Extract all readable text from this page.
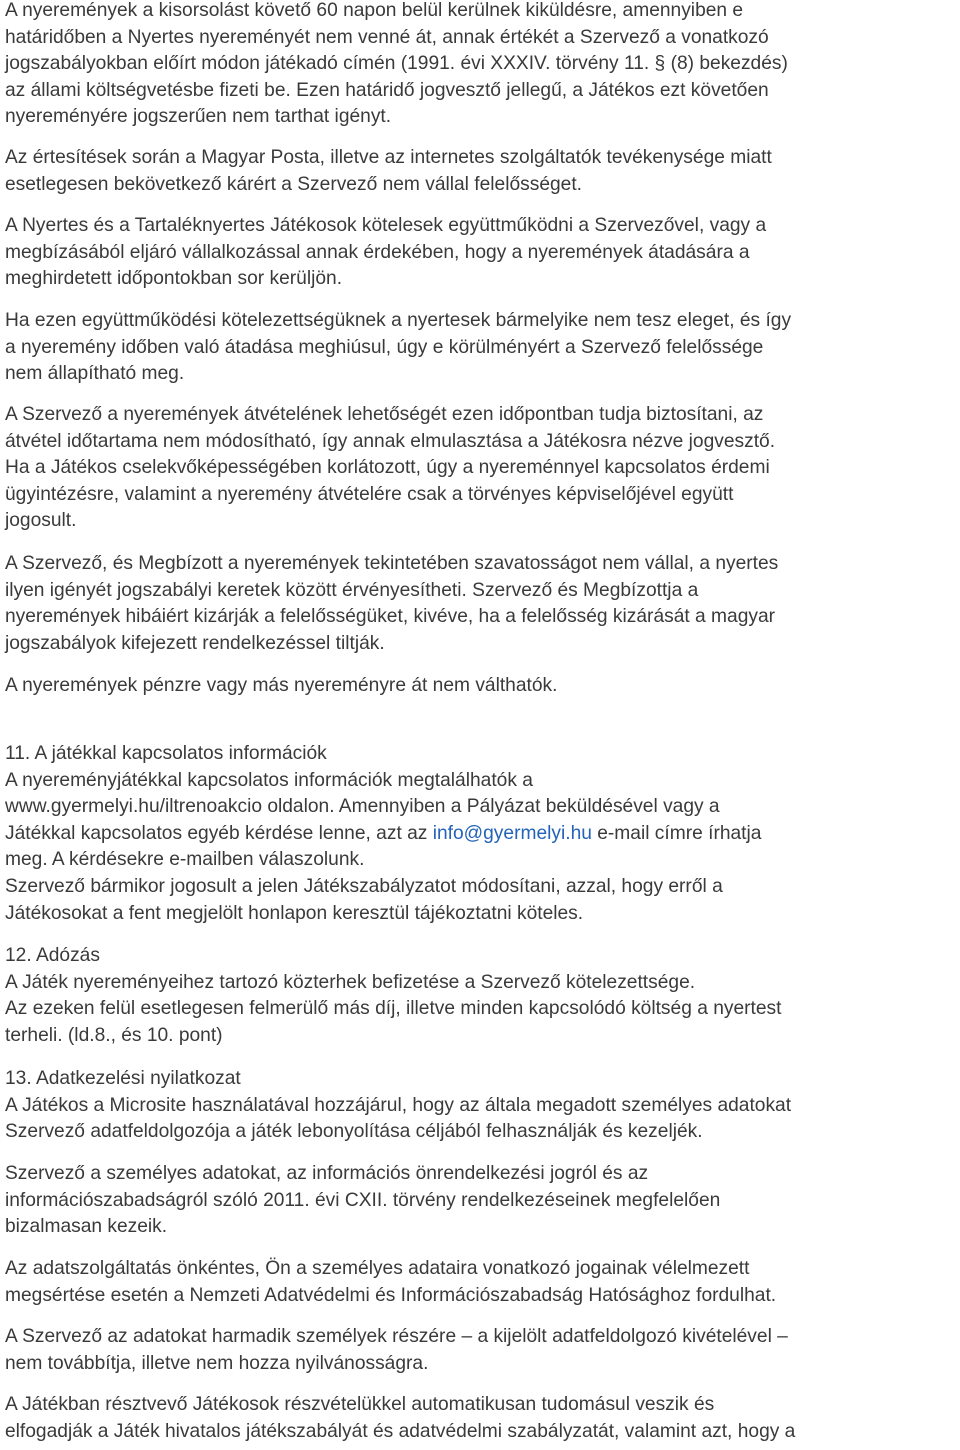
A nyeremények a kisorsolást követő 60 napon belül kerülnek kiküldésre, amennyiben e
határidőben a Nyertes nyereményét nem venné át, annak értékét a Szervező a vonatkozó
jogszabályokban előírt módon játékadó címén (1991. évi XXXIV. törvény 11. § (8) bekezdés)
az állami költségvetésbe fizeti be. Ezen határidő jogvesztő jellegű, a Játékos ezt követően
nyereményére jogszerűen nem tarthat igényt.

Az értesítések során a Magyar Posta, illetve az internetes szolgáltatók tevékenysége miatt
esetlegesen bekövetkező kárért a Szervező nem vállal felelősséget.

A Nyertes és a Tartaléknyertes Játékosok kötelesek együttműködni a Szervezővel, vagy a
megbízásából eljáró vállalkozással annak érdekében, hogy a nyeremények átadására a
meghirdetett időpontokban sor kerüljön.

Ha ezen együttműködési kötelezettségüknek a nyertesek bármelyike nem tesz eleget, és így
a nyeremény időben való átadása meghiúsul, úgy e körülményért a Szervező felelőssége
nem állapítható meg.

A Szervező a nyeremények átvételének lehetőségét ezen időpontban tudja biztosítani, az
átvétel időtartama nem módosítható, így annak elmulasztása a Játékosra nézve jogvesztő.
Ha a Játékos cselekvőképességében korlátozott, úgy a nyereménnyel kapcsolatos érdemi
ügyintézésre, valamint a nyeremény átvételére csak a törvényes képviselőjével együtt
jogosult.

A Szervező, és Megbízott a nyeremények tekintetében szavatosságot nem vállal, a nyertes
ilyen igényét jogszabályi keretek között érvényesítheti. Szervező és Megbízottja a
nyeremények hibáiért kizárják a felelősségüket, kivéve, ha a felelősség kizárását a magyar
jogszabályok kifejezett rendelkezéssel tiltják.

A nyeremények pénzre vagy más nyereményre át nem válthatók.

11. A játékkal kapcsolatos információk
A nyereményjátékkal kapcsolatos információk megtalálhatók a
www.gyermelyi.hu/iltrenoakcio oldalon. Amennyiben a Pályázat beküldésével vagy a
Játékkal kapcsolatos egyéb kérdése lenne, azt az info@gyermelyi.hu e-mail címre írhatja
meg. A kérdésekre e-mailben válaszolunk.
Szervező bármikor jogosult a jelen Játékszabályzatot módosítani, azzal, hogy erről a
Játékosokat a fent megjelölt honlapon keresztül tájékoztatni köteles.
12. Adózás
A Játék nyereményeihez tartozó közterhek befizetése a Szervező kötelezettsége.
Az ezeken felül esetlegesen felmerülő más díj, illetve minden kapcsolódó költség a nyertest
terheli. (ld.8., és 10. pont)
13. Adatkezelési nyilatkozat
A Játékos a Microsite használatával hozzájárul, hogy az általa megadott személyes adatokat
Szervező adatfeldolgozója a játék lebonyolítása céljából felhasználják és kezeljék.

Szervező a személyes adatokat, az információs önrendelkezési jogról és az
információszabadságról szóló 2011. évi CXII. törvény rendelkezéseinek megfelelően
bizalmasan kezeik.

Az adatszolgáltatás önkéntes, Ön a személyes adataira vonatkozó jogainak vélelmezett
megsértése esetén a Nemzeti Adatvédelmi és Információszabadság Hatósághoz fordulhat.

A Szervező az adatokat harmadik személyek részére – a kijelölt adatfeldolgozó kivételével –
nem továbbítja, illetve nem hozza nyilvánosságra.

A Játékban résztvevő Játékosok részvételükkel automatikusan tudomásul veszik és
elfogadják a Játék hivatalos játékszabályát és adatvédelmi szabályzatát, valamint azt, hogy a
